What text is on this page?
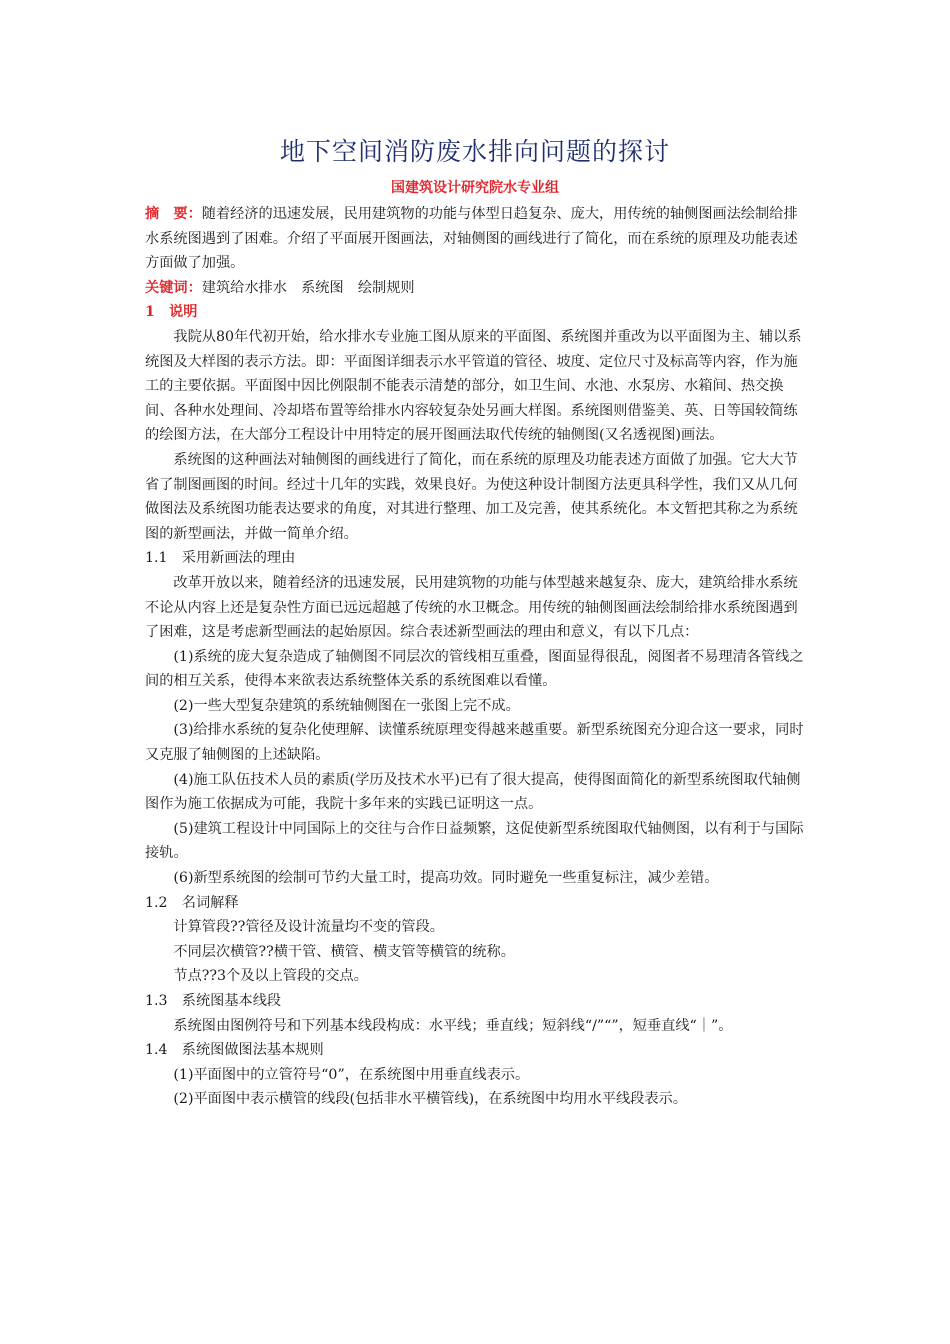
地下空间消防废水排向问题的探讨
国建筑设计研究院水专业组

摘　要：随着经济的迅速发展，民用建筑物的功能与体型日趋复杂、庞大，用传统的轴侧图画法绘制给排水系统图遇到了困难。介绍了平面展开图画法，对轴侧图的画线进行了简化，而在系统的原理及功能表述方面做了加强。

关键词：建筑给水排水　系统图　绘制规则

1　说明

我院从80年代初开始，给水排水专业施工图从原来的平面图、系统图并重改为以平面图为主、辅以系统图及大样图的表示方法。即：平面图详细表示水平管道的管径、坡度、定位尺寸及标高等内容，作为施工的主要依据。平面图中因比例限制不能表示清楚的部分，如卫生间、水池、水泵房、水箱间、热交换间、各种水处理间、冷却塔布置等给排水内容较复杂处另画大样图。系统图则借鉴美、英、日等国较简练的绘图方法，在大部分工程设计中用特定的展开图画法取代传统的轴侧图(又名透视图)画法。

系统图的这种画法对轴侧图的画线进行了简化，而在系统的原理及功能表述方面做了加强。它大大节省了制图画图的时间。经过十几年的实践，效果良好。为使这种设计制图方法更具科学性，我们又从几何做图法及系统图功能表达要求的角度，对其进行整理、加工及完善，使其系统化。本文暂把其称之为系统图的新型画法，并做一简单介绍。

1.1　采用新画法的理由

改革开放以来，随着经济的迅速发展，民用建筑物的功能与体型越来越复杂、庞大，建筑给排水系统不论从内容上还是复杂性方面已远远超越了传统的水卫概念。用传统的轴侧图画法绘制给排水系统图遇到了困难，这是考虑新型画法的起始原因。综合表述新型画法的理由和意义，有以下几点：

(1)系统的庞大复杂造成了轴侧图不同层次的管线相互重叠，图面显得很乱，阅图者不易理清各管线之间的相互关系，使得本来欲表达系统整体关系的系统图难以看懂。

(2)一些大型复杂建筑的系统轴侧图在一张图上完不成。

(3)给排水系统的复杂化使理解、读懂系统原理变得越来越重要。新型系统图充分迎合这一要求，同时又克服了轴侧图的上述缺陷。

(4)施工队伍技术人员的素质(学历及技术水平)已有了很大提高，使得图面简化的新型系统图取代轴侧图作为施工依据成为可能，我院十多年来的实践已证明这一点。

(5)建筑工程设计中同国际上的交往与合作日益频繁，这促使新型系统图取代轴侧图，以有利于与国际接轨。

(6)新型系统图的绘制可节约大量工时，提高功效。同时避免一些重复标注，减少差错。

1.2　名词解释

计算管段??管径及设计流量均不变的管段。

不同层次横管??横干管、横管、横支管等横管的统称。

节点??3个及以上管段的交点。

1.3　系统图基本线段

系统图由图例符号和下列基本线段构成：水平线；垂直线；短斜线“/”“”，短垂直线“｜”。

1.4　系统图做图法基本规则

(1)平面图中的立管符号“0”，在系统图中用垂直线表示。

(2)平面图中表示横管的线段(包括非水平横管线)，在系统图中均用水平线段表示。
